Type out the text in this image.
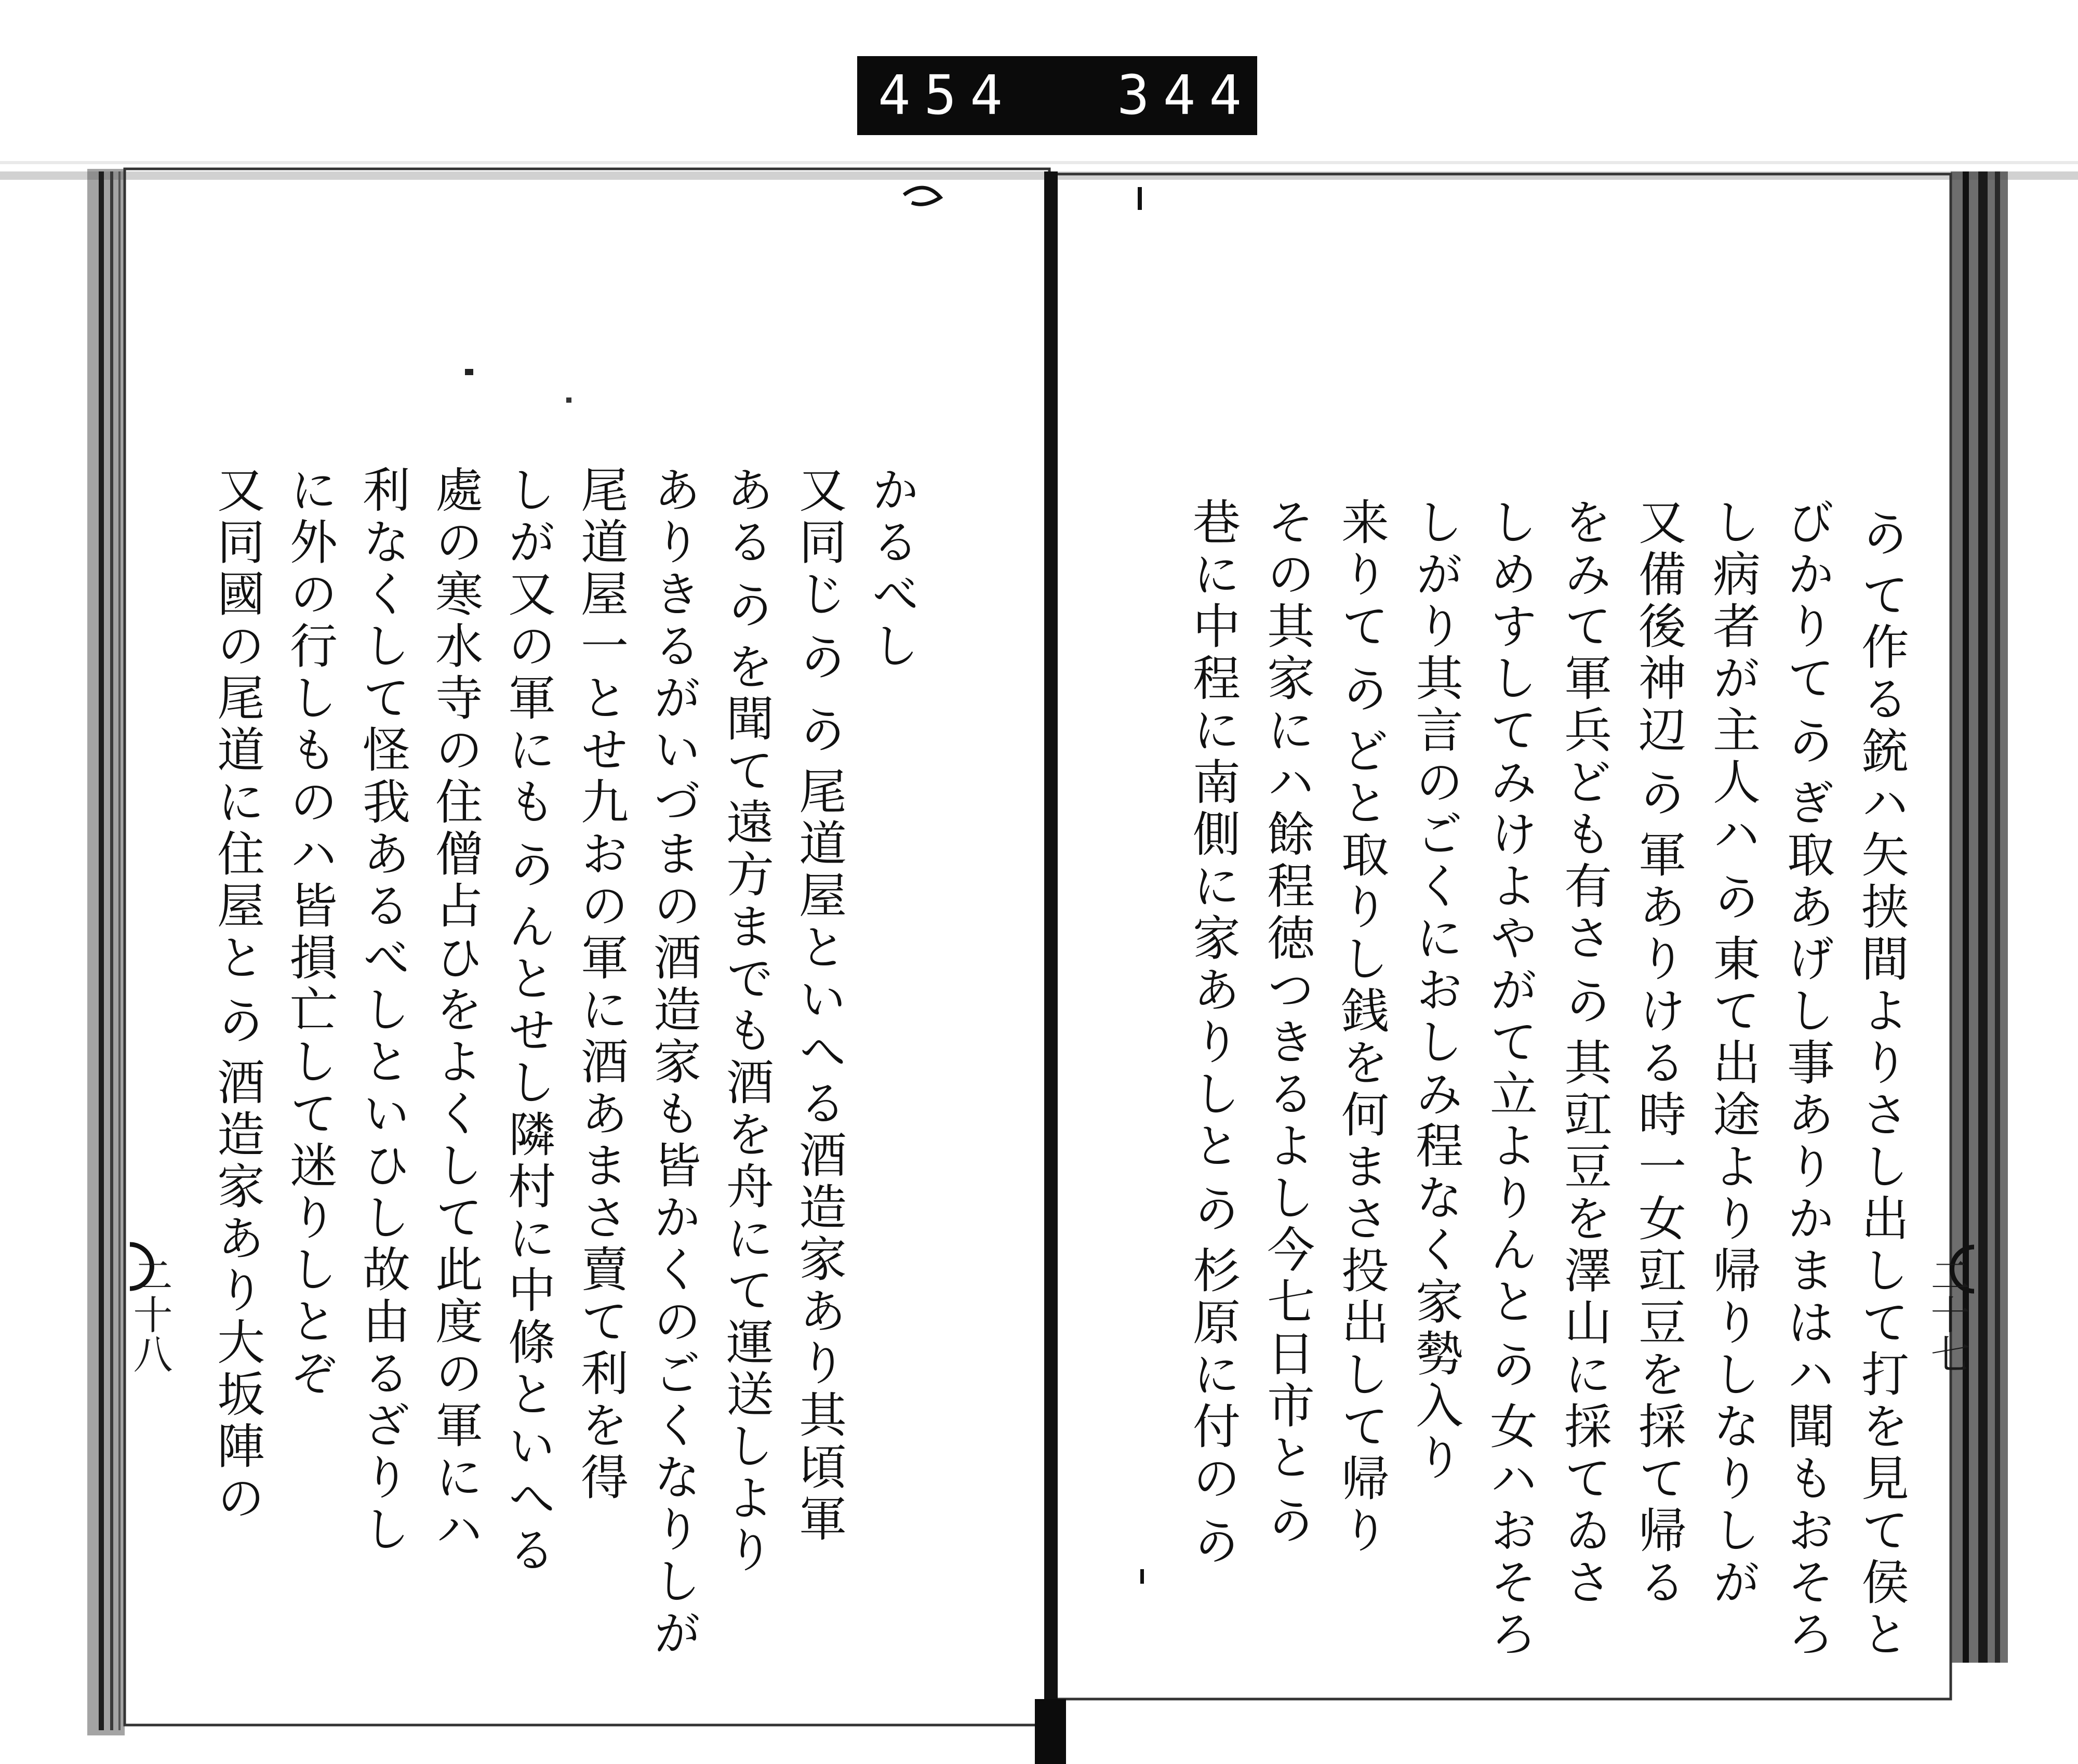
454 344
二十七
𛀙て作る銃ハ矢挟間よりさし出して打を見て侯と
びかりて𛀙ぎ取あげし事ありかまはハ聞もおそろ
し病者が主人ハ𛀙東て出途より帰りしなりしが
又備後神辺𛀙軍ありける時一女豇豆を採て帰る
をみて軍兵ども有さ𛀙其豇豆を澤山に採てゐさ
しめすしてみけよやがて立よりんと𛀙女ハおそろ
しがり其言のごくにおしみ程なく家勢入り
来りて𛀙どと取りし銭を何まさ投出して帰り
その其家にハ餘程徳つきるよし今七日市と𛀙
巷に中程に南側に家ありしと𛀙杉原に付の𛀙
二十八
かるべし
又同じ𛀙𛀙尾道屋といへる酒造家あり其頃軍
ある𛀙を聞て遠方までも酒を舟にて運送しより
ありきるがいづまの酒造家も皆かくのごくなりしが
尾道屋一とせ九おの軍に酒あまさ賣て利を得
しが又の軍にも𛀙んとせし隣村に中條といへる
處の寒水寺の住僧占ひをよくして此度の軍にハ
利なくして怪我あるべしといひし故由るざりし
に外の行しものハ皆損亡して迷りしとぞ
又同國の尾道に住屋と𛀙酒造家あり大坂陣の
